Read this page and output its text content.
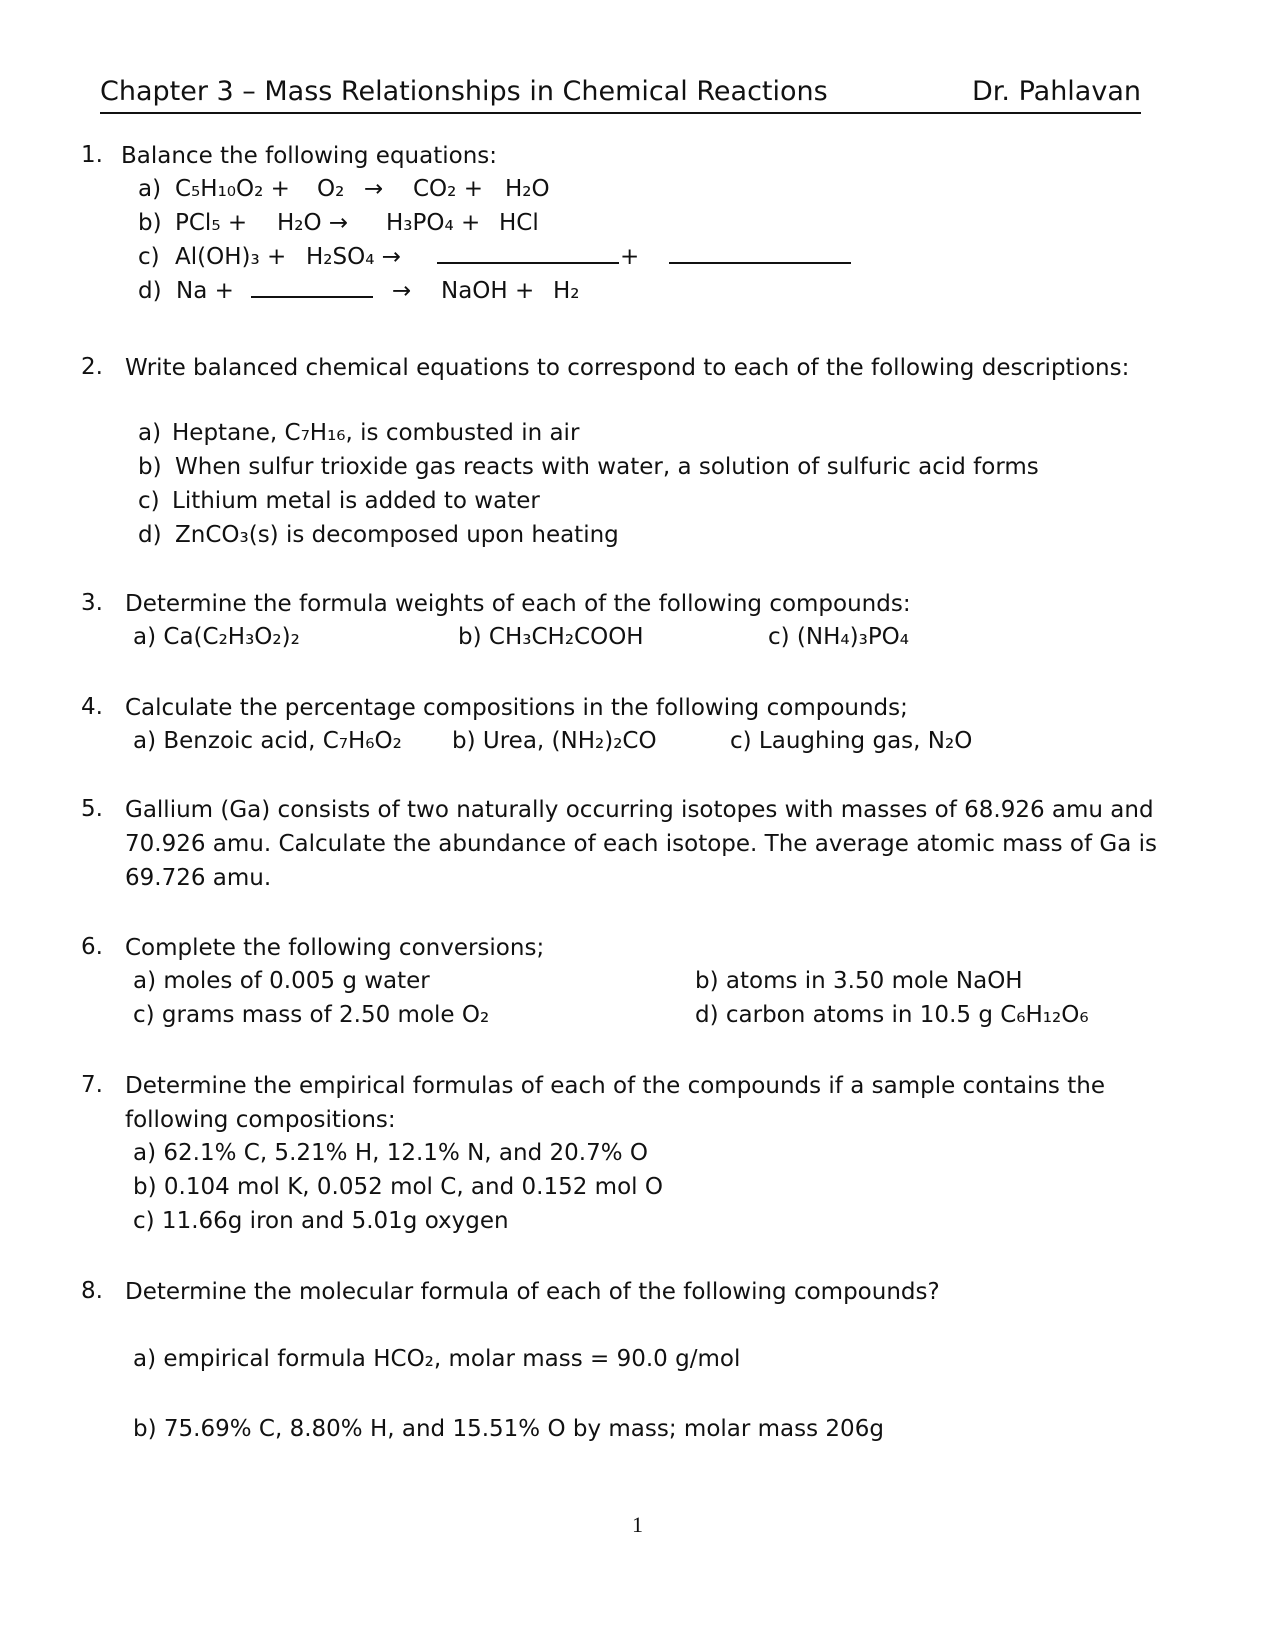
Chapter 3 – Mass Relationships in Chemical Reactions	Dr. Pahlavan
1. Balance the following equations:
a) C₅H₁₀O₂ + O₂ → CO₂ + H₂O
b) PCl₅ + H₂O → H₃PO₄ + HCl
c) Al(OH)₃ + H₂SO₄ →	+
d) Na +	→ NaOH + H₂
2. Write balanced chemical equations to correspond to each of the following descriptions:
a) Heptane, C₇H₁₆, is combusted in air
b) When sulfur trioxide gas reacts with water, a solution of sulfuric acid forms
c) Lithium metal is added to water
d) ZnCO₃(s) is decomposed upon heating
3. Determine the formula weights of each of the following compounds:
a) Ca(C₂H₃O₂)₂	b) CH₃CH₂COOH	c) (NH₄)₃PO₄
4. Calculate the percentage compositions in the following compounds;
a) Benzoic acid, C₇H₆O₂ b) Urea, (NH₂)₂CO	c) Laughing gas, N₂O
5. Gallium (Ga) consists of two naturally occurring isotopes with masses of 68.926 amu and
70.926 amu. Calculate the abundance of each isotope. The average atomic mass of Ga is
69.726 amu.
6. Complete the following conversions;
a) moles of 0.005 g water	b) atoms in 3.50 mole NaOH
c) grams mass of 2.50 mole O₂	d) carbon atoms in 10.5 g C₆H₁₂O₆
7. Determine the empirical formulas of each of the compounds if a sample contains the
following compositions:
a) 62.1% C, 5.21% H, 12.1% N, and 20.7% O
b) 0.104 mol K, 0.052 mol C, and 0.152 mol O
c) 11.66g iron and 5.01g oxygen
8. Determine the molecular formula of each of the following compounds?
a) empirical formula HCO₂, molar mass = 90.0 g/mol
b) 75.69% C, 8.80% H, and 15.51% O by mass; molar mass 206g
1
